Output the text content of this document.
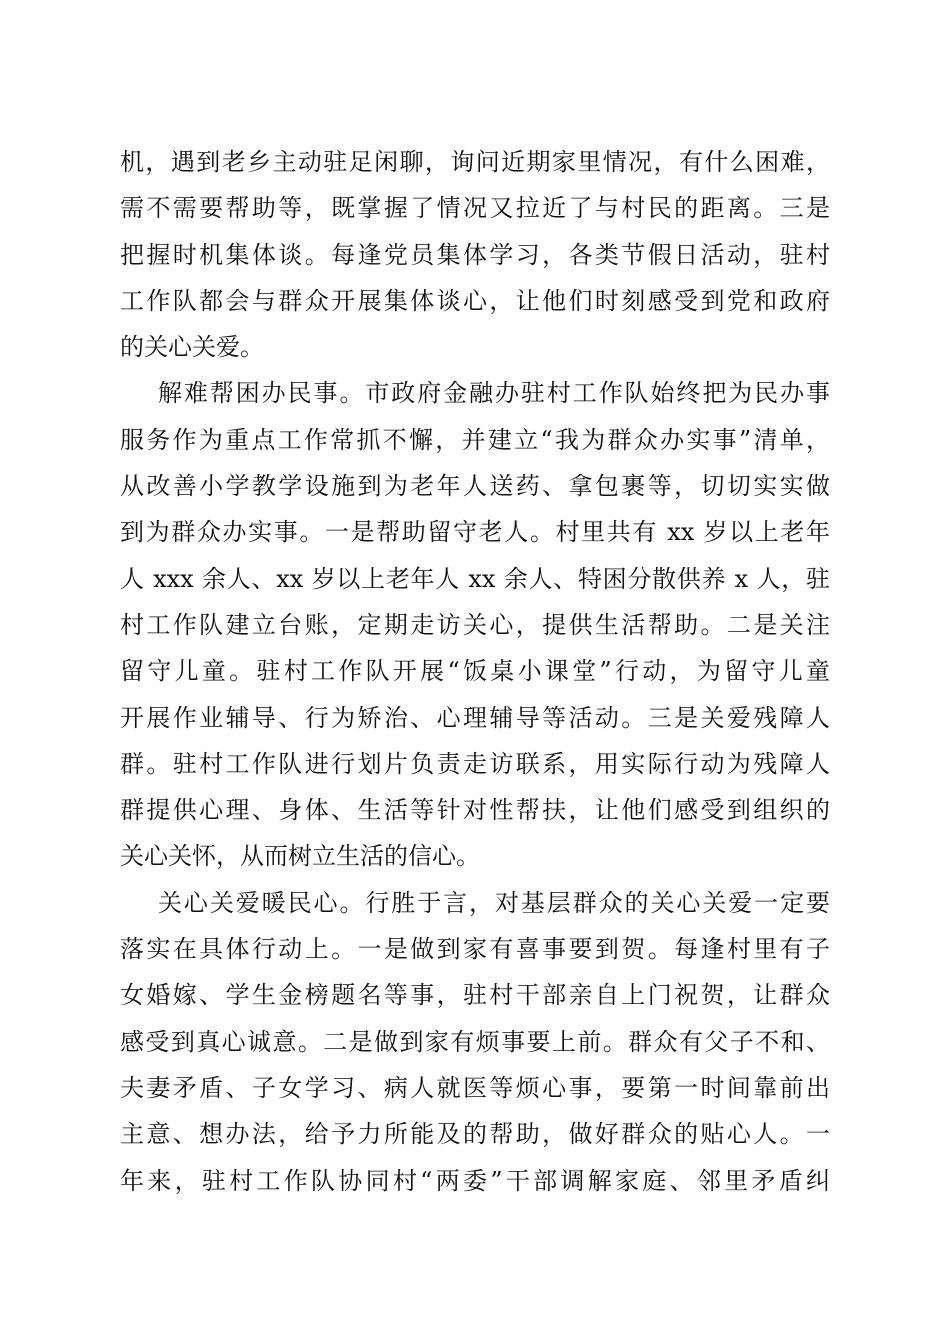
机，遇到老乡主动驻足闲聊，询问近期家里情况，有什么困难，
需不需要帮助等，既掌握了情况又拉近了与村民的距离。三是
把握时机集体谈。每逢党员集体学习，各类节假日活动，驻村
工作队都会与群众开展集体谈心，让他们时刻感受到党和政府
的关心关爱。
解难帮困办民事。市政府金融办驻村工作队始终把为民办事
服务作为重点工作常抓不懈，并建立“我为群众办实事”清单，
从改善小学教学设施到为老年人送药、拿包裹等，切切实实做
到为群众办实事。一是帮助留守老人。村里共有 xx 岁以上老年
人 xxx 余人、xx 岁以上老年人 xx 余人、特困分散供养 x 人，驻
村工作队建立台账，定期走访关心，提供生活帮助。二是关注
留守儿童。驻村工作队开展“饭桌小课堂”行动，为留守儿童
开展作业辅导、行为矫治、心理辅导等活动。三是关爱残障人
群。驻村工作队进行划片负责走访联系，用实际行动为残障人
群提供心理、身体、生活等针对性帮扶，让他们感受到组织的
关心关怀，从而树立生活的信心。
关心关爱暖民心。行胜于言，对基层群众的关心关爱一定要
落实在具体行动上。一是做到家有喜事要到贺。每逢村里有子
女婚嫁、学生金榜题名等事，驻村干部亲自上门祝贺，让群众
感受到真心诚意。二是做到家有烦事要上前。群众有父子不和、
夫妻矛盾、子女学习、病人就医等烦心事，要第一时间靠前出
主意、想办法，给予力所能及的帮助，做好群众的贴心人。一
年来，驻村工作队协同村“两委”干部调解家庭、邻里矛盾纠
